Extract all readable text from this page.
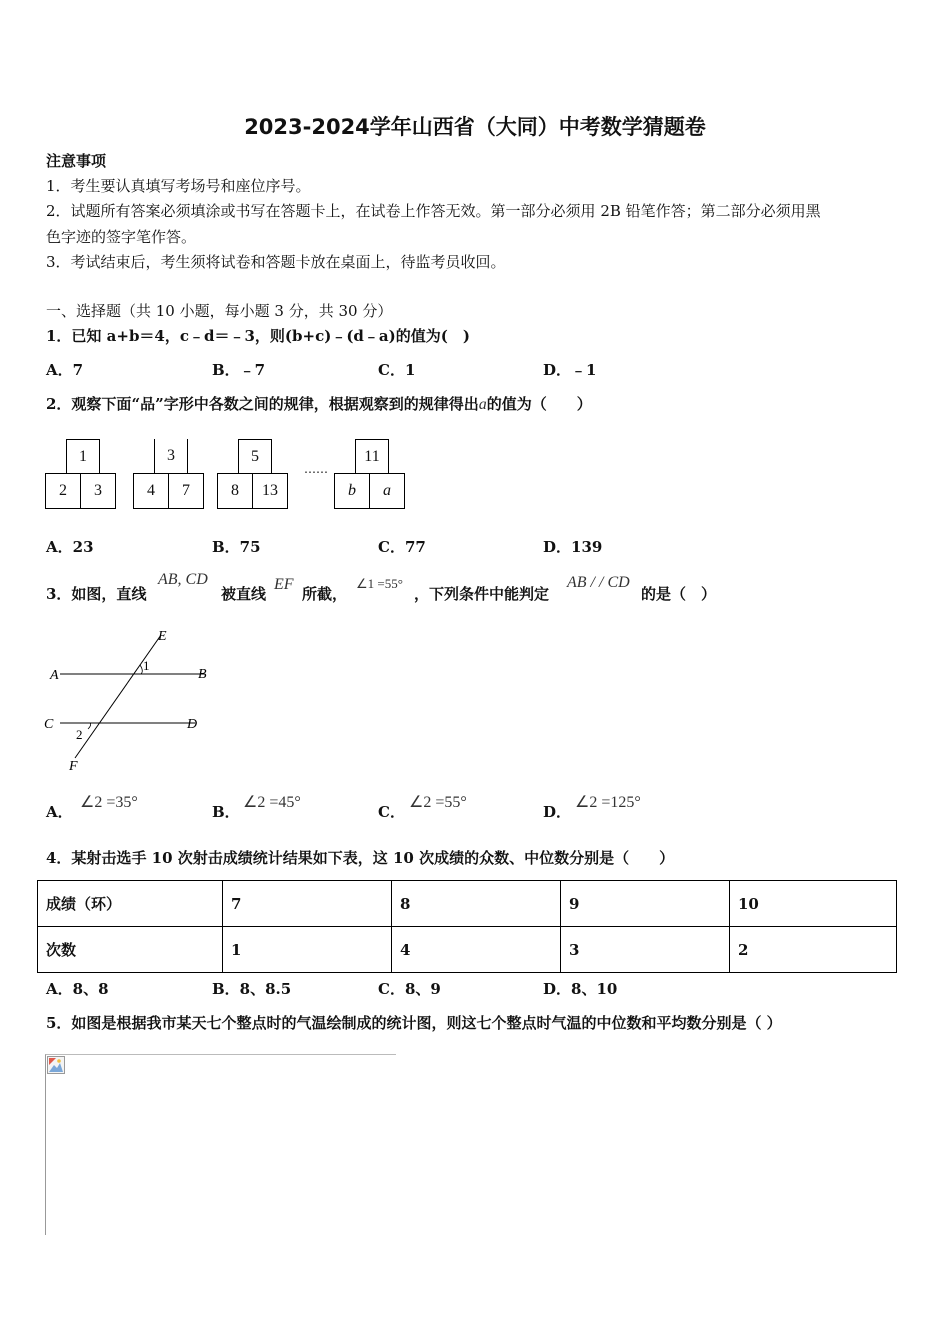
2023-2024学年山西省（大同）中考数学猜题卷
注意事项
1．考生要认真填写考场号和座位序号。
2．试题所有答案必须填涂或书写在答题卡上，在试卷上作答无效。第一部分必须用 2B 铅笔作答；第二部分必须用黑
色字迹的签字笔作答。
3．考试结束后，考生须将试卷和答题卡放在桌面上，待监考员收回。
一、选择题（共 10 小题，每小题 3 分，共 30 分）
1．已知 a+b＝4，c﹣d＝﹣3，则(b+c)﹣(d﹣a)的值为(　)
A．7	B．﹣7	C．1	D．﹣1
2．观察下面“品”字形中各数之间的规律，根据观察到的规律得出a的值为（　　）
1
2	3
3
4	7
5
8	13
……
11
b	a
A．23	B．75	C．77	D．139
3．如图，直线
AB, CD
被直线
EF
所截，
∠1 =55°
，下列条件中能判定
AB / / CD
的是（　）
E
1
A	B
C	D
2
F
A．
∠2 =35°
B．
∠2 =45°
C．
∠2 =55°
D．
∠2 =125°
4．某射击选手 10 次射击成绩统计结果如下表，这 10 次成绩的众数、中位数分别是（　　）
成绩（环）	7	8	9	10
次数	1	4	3	2
A．8、8	B．8、8.5	C．8、9	D．8、10
5．如图是根据我市某天七个整点时的气温绘制成的统计图，则这七个整点时气温的中位数和平均数分别是（ ）
